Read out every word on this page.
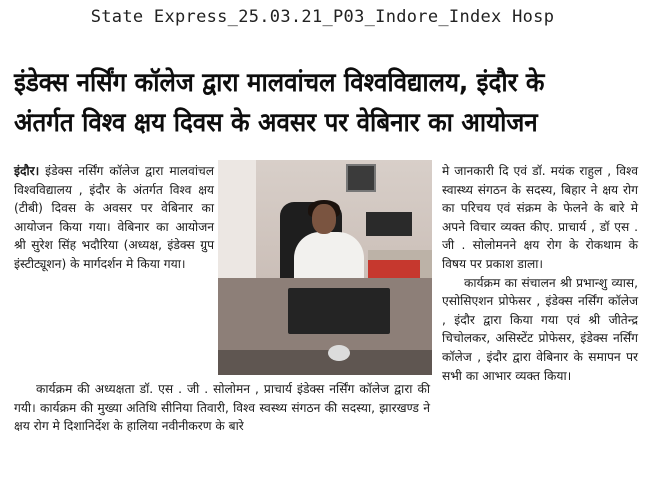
State Express_25.03.21_P03_Indore_Index Hosp
इंडेक्स नर्सिंग कॉलेज द्वारा मालवांचल विश्वविद्यालय, इंदौर के
अंतर्गत विश्व क्षय दिवस के अवसर पर वेबिनार का आयोजन

इंदौर। इंडेक्स नर्सिंग कॉलेज द्वारा मालवांचल विश्वविद्यालय , इंदौर के अंतर्गत विश्व क्षय (टीबी) दिवस के अवसर पर वेबिनार का आयोजन किया गया। वेबिनार का आयोजन श्री सुरेश सिंह भदौरिया (अध्यक्ष, इंडेक्स ग्रुप इंस्टीट्यूशन) के मार्गदर्शन मे किया गया।

कार्यक्रम की अध्यक्षता डॉ. एस . जी . सोलोमन , प्राचार्य इंडेक्स नर्सिंग कॉलेज द्वारा की गयी। कार्यक्रम की मुख्या अतिथि सीनिया तिवारी, विश्व स्वस्थ्य संगठन की सदस्या, झारखण्ड ने क्षय रोग मे दिशानिर्देश के हालिया नवीनीकरण के बारे

मे जानकारी दि एवं डॉ. मयंक राहुल , विश्व स्वास्थ्य संगठन के सदस्य, बिहार ने क्षय रोग का परिचय एवं संक्रम के फेलने के बारे मे अपने विचार व्यक्त कीए. प्राचार्य , डॉ एस . जी . सोलोमनने क्षय रोग के रोकथाम के विषय पर प्रकाश डाला।

कार्यक्रम का संचालन श्री प्रभान्शु व्यास, एसोसिएशन प्रोफेसर , इंडेक्स नर्सिंग कॉलेज , इंदौर द्वारा किया गया एवं श्री जीतेन्द्र चिचोलकर, असिस्टेंट प्रोफेसर, इंडेक्स नर्सिंग कॉलेज , इंदौर द्वारा वेबिनार के समापन पर सभी का आभार व्यक्त किया।
